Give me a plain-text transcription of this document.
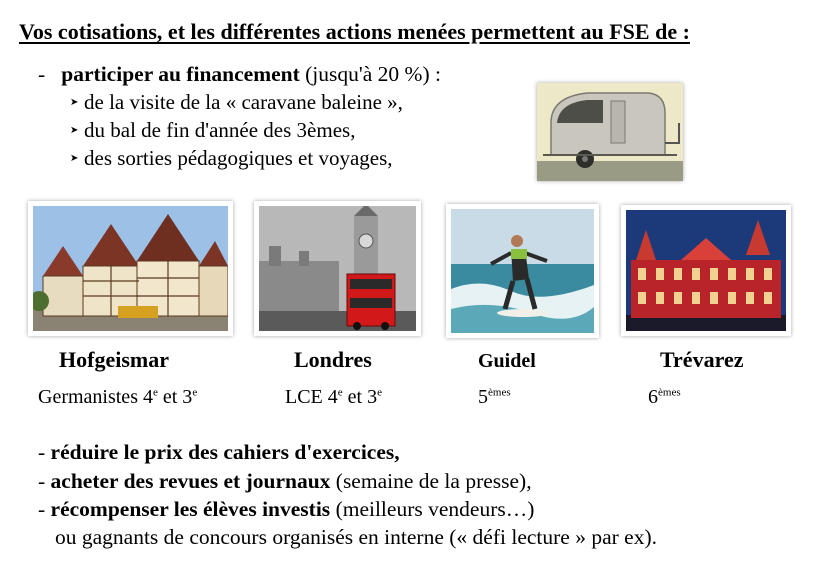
Vos cotisations, et les différentes actions menées permettent au FSE de :
- participer au financement (jusqu'à 20 %) :
➤ de la visite de la « caravane baleine »,
➤ du bal de fin d'année des 3èmes,
➤ des sorties pédagogiques et voyages,
Hofgeismar	Londres	Guidel	Trévarez
Germanistes 4e et 3e	LCE 4e et 3e	5èmes	6èmes
- réduire le prix des cahiers d'exercices,
- acheter des revues et journaux (semaine de la presse),
- récompenser les élèves investis (meilleurs vendeurs…)
ou gagnants de concours organisés en interne (« défi lecture » par ex).
